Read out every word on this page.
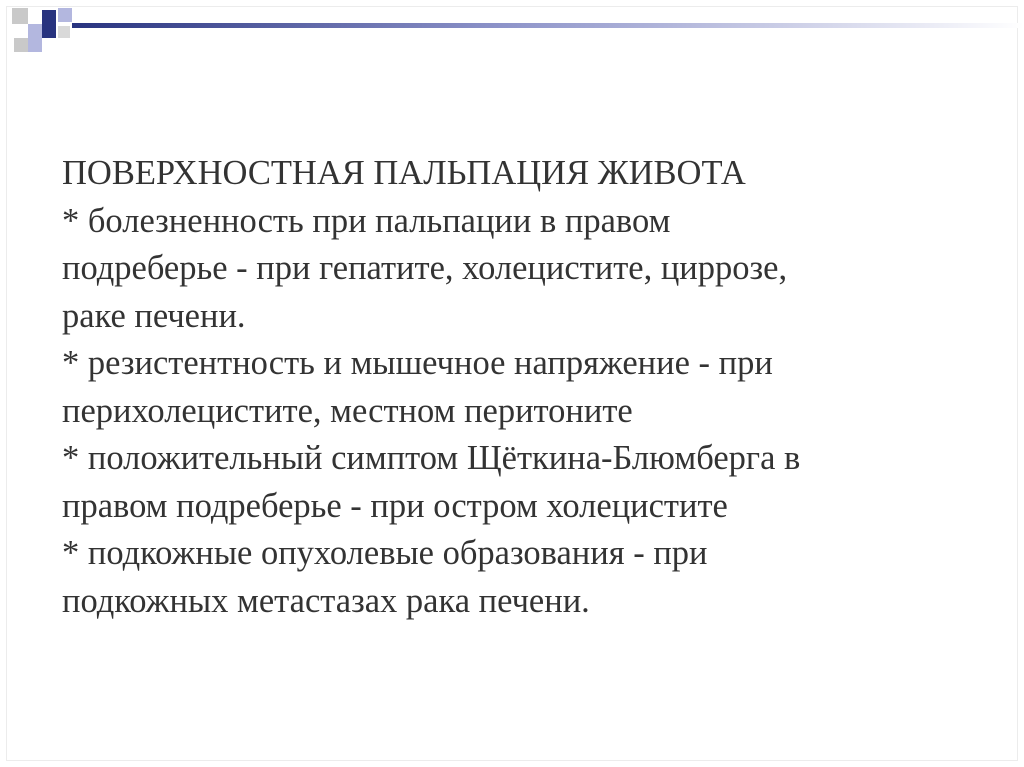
ПОВЕРХНОСТНАЯ ПАЛЬПАЦИЯ ЖИВОТА

* болезненность при пальпации в правом

подреберье - при гепатите, холецистите, циррозе,

раке печени.

* резистентность и мышечное напряжение - при

перихолецистите, местном перитоните

* положительный симптом Щёткина-Блюмберга в

правом подреберье - при остром холецистите

* подкожные опухолевые образования - при

подкожных метастазах рака печени.
